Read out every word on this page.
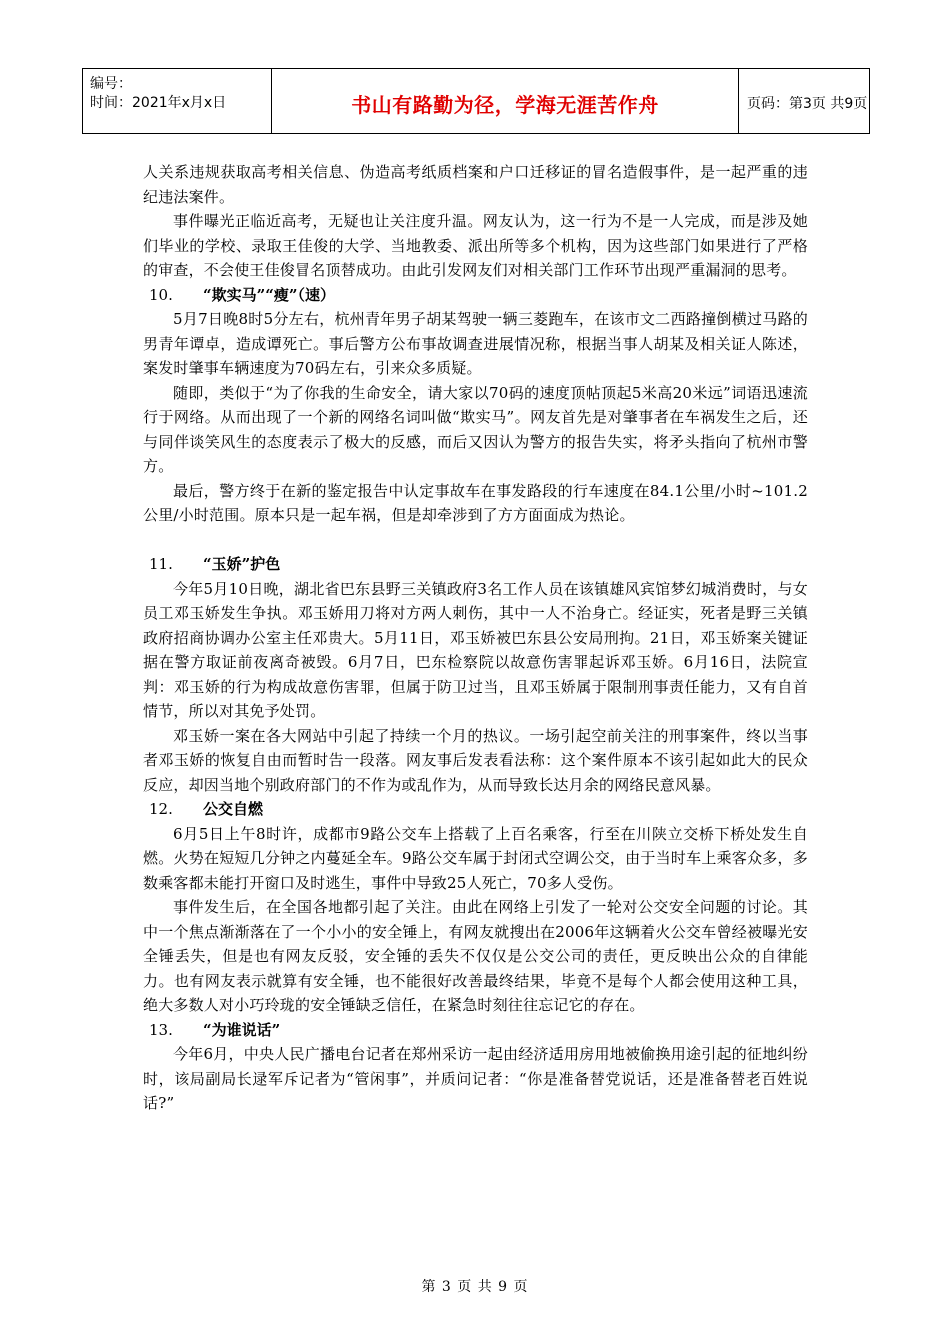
编号：
时间：2021年x月x日	书山有路勤为径，学海无涯苦作舟	页码：第3页 共9页

人关系违规获取高考相关信息、伪造高考纸质档案和户口迁移证的冒名造假事件，是一起严重的违纪违法案件。

事件曝光正临近高考，无疑也让关注度升温。网友认为，这一行为不是一人完成，而是涉及她们毕业的学校、录取王佳俊的大学、当地教委、派出所等多个机构，因为这些部门如果进行了严格的审查，不会使王佳俊冒名顶替成功。由此引发网友们对相关部门工作环节出现严重漏洞的思考。

10. “欺实马”“瘦”（速）

5月7日晚8时5分左右，杭州青年男子胡某驾驶一辆三菱跑车，在该市文二西路撞倒横过马路的男青年谭卓，造成谭死亡。事后警方公布事故调查进展情况称，根据当事人胡某及相关证人陈述，案发时肇事车辆速度为70码左右，引来众多质疑。

随即，类似于“为了你我的生命安全，请大家以70码的速度顶帖顶起5米高20米远”词语迅速流行于网络。从而出现了一个新的网络名词叫做“欺实马”。网友首先是对肇事者在车祸发生之后，还与同伴谈笑风生的态度表示了极大的反感，而后又因认为警方的报告失实，将矛头指向了杭州市警方。

最后，警方终于在新的鉴定报告中认定事故车在事发路段的行车速度在84.1公里/小时~101.2公里/小时范围。原本只是一起车祸，但是却牵涉到了方方面面成为热论。

11. “玉娇”护色

今年5月10日晚，湖北省巴东县野三关镇政府3名工作人员在该镇雄风宾馆梦幻城消费时，与女员工邓玉娇发生争执。邓玉娇用刀将对方两人刺伤，其中一人不治身亡。经证实，死者是野三关镇政府招商协调办公室主任邓贵大。5月11日，邓玉娇被巴东县公安局刑拘。21日，邓玉娇案关键证据在警方取证前夜离奇被毁。6月7日，巴东检察院以故意伤害罪起诉邓玉娇。6月16日，法院宣判：邓玉娇的行为构成故意伤害罪，但属于防卫过当，且邓玉娇属于限制刑事责任能力，又有自首情节，所以对其免予处罚。

邓玉娇一案在各大网站中引起了持续一个月的热议。一场引起空前关注的刑事案件，终以当事者邓玉娇的恢复自由而暂时告一段落。网友事后发表看法称：这个案件原本不该引起如此大的民众反应，却因当地个别政府部门的不作为或乱作为，从而导致长达月余的网络民意风暴。

12. 公交自燃

6月5日上午8时许，成都市9路公交车上搭载了上百名乘客，行至在川陕立交桥下桥处发生自燃。火势在短短几分钟之内蔓延全车。9路公交车属于封闭式空调公交，由于当时车上乘客众多，多数乘客都未能打开窗口及时逃生，事件中导致25人死亡，70多人受伤。

事件发生后，在全国各地都引起了关注。由此在网络上引发了一轮对公交安全问题的讨论。其中一个焦点渐渐落在了一个小小的安全锤上，有网友就搜出在2006年这辆着火公交车曾经被曝光安全锤丢失，但是也有网友反驳，安全锤的丢失不仅仅是公交公司的责任，更反映出公众的自律能力。也有网友表示就算有安全锤，也不能很好改善最终结果，毕竟不是每个人都会使用这种工具，绝大多数人对小巧玲珑的安全锤缺乏信任，在紧急时刻往往忘记它的存在。

13. “为谁说话”

今年6月，中央人民广播电台记者在郑州采访一起由经济适用房用地被偷换用途引起的征地纠纷时，该局副局长逯军斥记者为“管闲事”，并质问记者：“你是准备替党说话，还是准备替老百姓说话?”

第 3 页 共 9 页
